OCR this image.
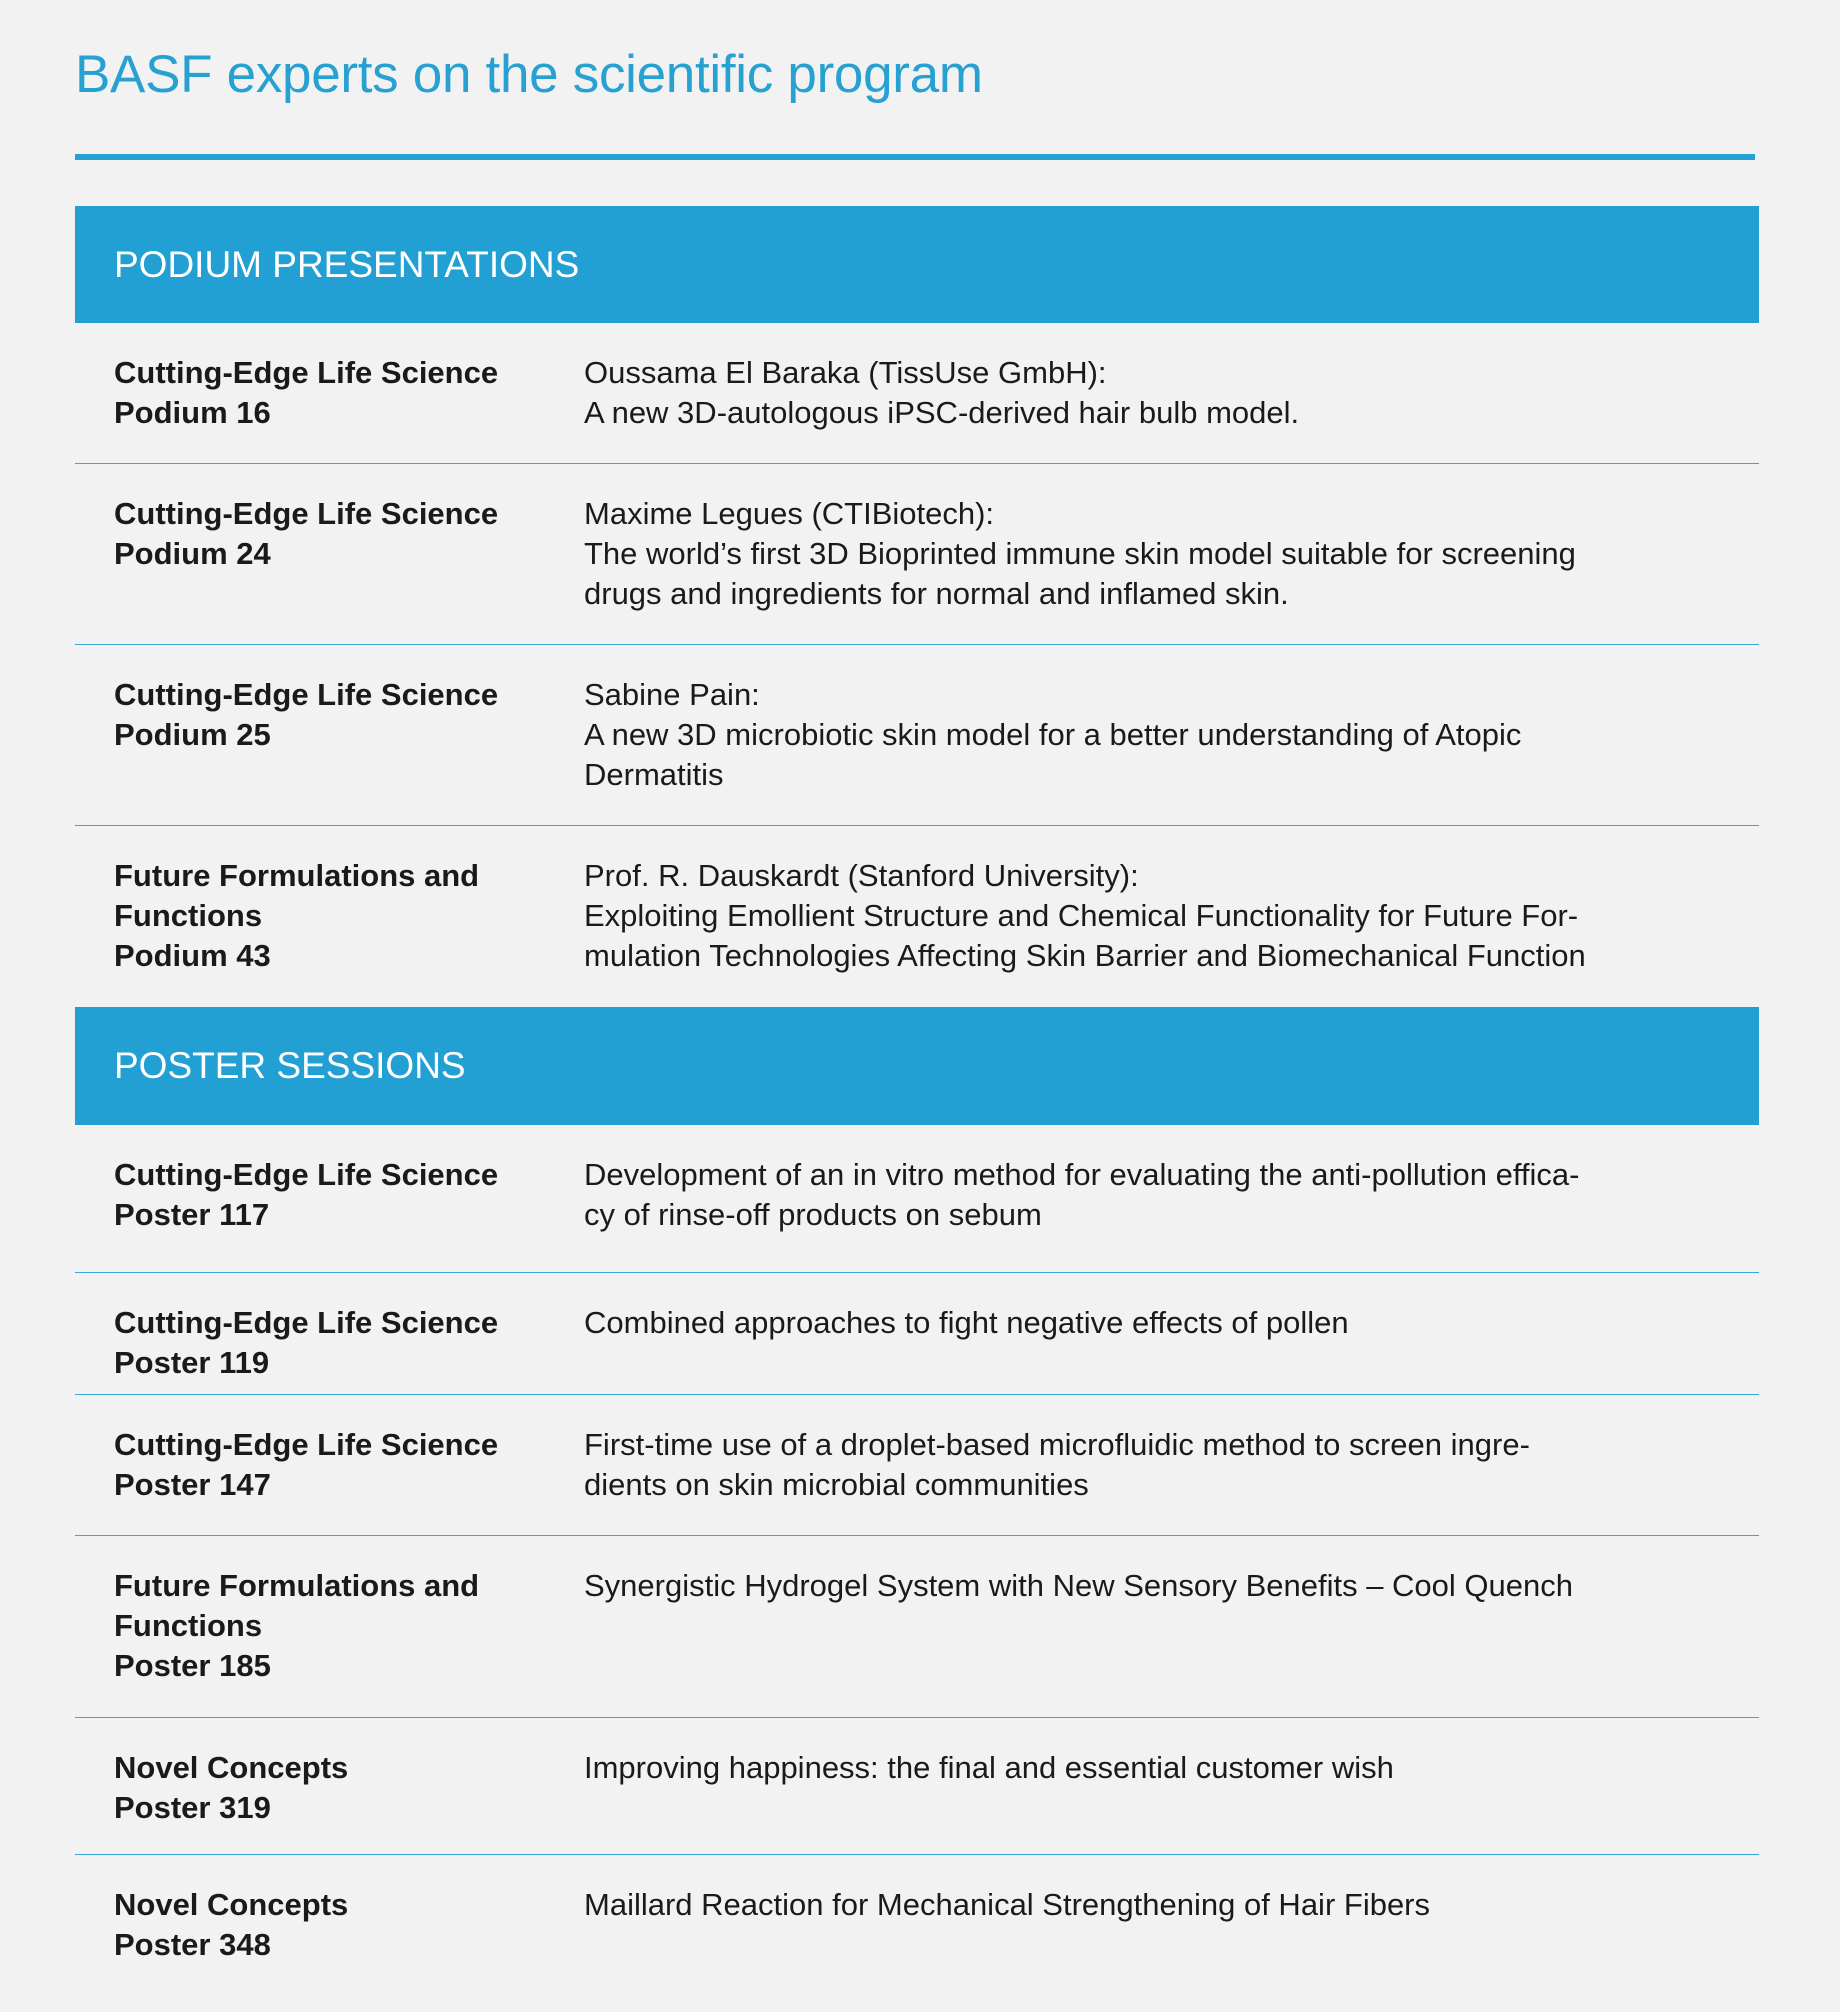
BASF experts on the scientific program
PODIUM PRESENTATIONS
Cutting-Edge Life Science
Podium 16
Oussama El Baraka (TissUse GmbH):
A new 3D-autologous iPSC-derived hair bulb model.
Cutting-Edge Life Science
Podium 24
Maxime Legues (CTIBiotech):
The world’s first 3D Bioprinted immune skin model suitable for screening
drugs and ingredients for normal and inflamed skin.
Cutting-Edge Life Science
Podium 25
Sabine Pain:
A new 3D microbiotic skin model for a better understanding of Atopic
Dermatitis
Future Formulations and
Functions
Podium 43
Prof. R. Dauskardt (Stanford University):
Exploiting Emollient Structure and Chemical Functionality for Future For-
mulation Technologies Affecting Skin Barrier and Biomechanical Function
POSTER SESSIONS
Cutting-Edge Life Science
Poster 117
Development of an in vitro method for evaluating the anti-pollution effica-
cy of rinse-off products on sebum
Cutting-Edge Life Science
Poster 119
Combined approaches to fight negative effects of pollen
Cutting-Edge Life Science
Poster 147
First-time use of a droplet-based microfluidic method to screen ingre-
dients on skin microbial communities
Future Formulations and
Functions
Poster 185
Synergistic Hydrogel System with New Sensory Benefits – Cool Quench
Novel Concepts
Poster 319
Improving happiness: the final and essential customer wish
Novel Concepts
Poster 348
Maillard Reaction for Mechanical Strengthening of Hair Fibers
